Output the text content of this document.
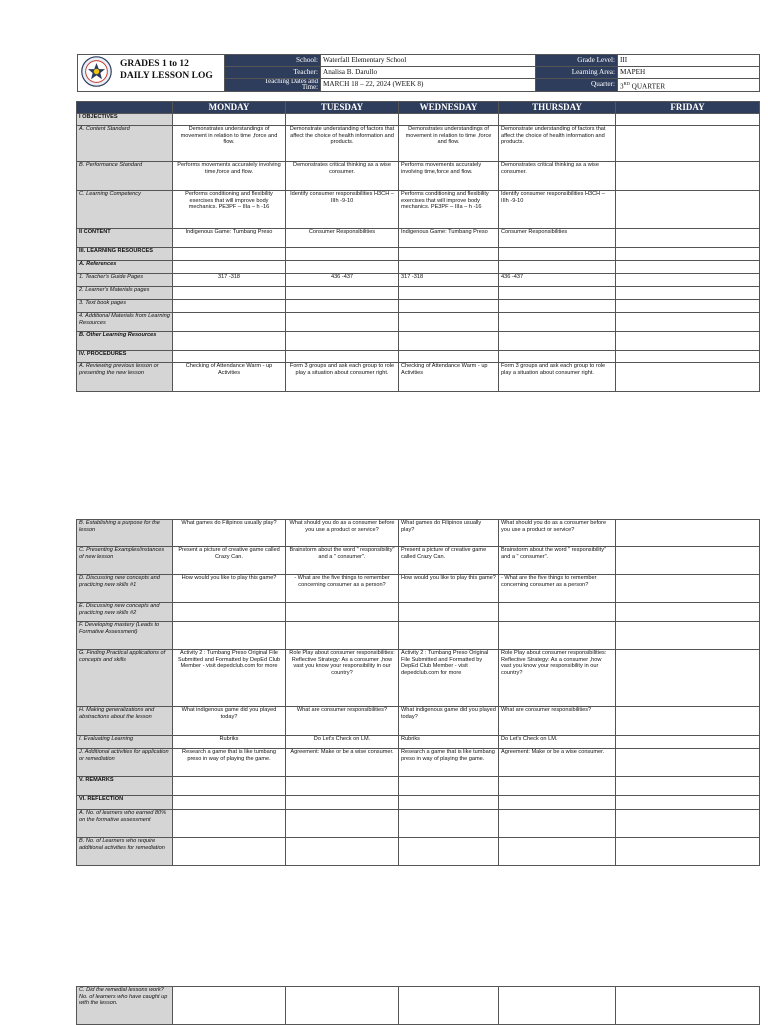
	School:	Waterfall Elementary School	Grade Level:	III
	Teacher:	Analisa B. Darullo	Learning Area:	MAPEH

	Teaching Dates and
Time:	MARCH 18 – 22, 2024 (WEEK 8)	Quarter:	3RD QUARTER
GRADES 1 to 12
DAILY LESSON LOG
	MONDAY	TUESDAY	WEDNESDAY	THURSDAY	FRIDAY
I OBJECTIVES					
A. Content Standard	Demonstrates understandings of movement in relation to time ,force and flow.	Demonstrate understanding of factors that affect the choice of health information and products.	Demonstrates understandings of movement in relation to time ,force and flow.	Demonstrate understanding of factors that affect the choice of health information and products.	
B. Performance Standard	Performs movements accurately involving time,force and flow.	Demonstrates critical thinking as a wise consumer.	Performs movements accurately involving time,force and flow.	Demonstrates critical thinking as a wise consumer.	
C. Learning Competency	Performs conditioning and flexibility exercises that will improve body mechanics. PE3PF – IIIa – h -16	Identify consumer responsibilities H3CH – IIIh -9-10	Performs conditioning and flexibility exercises that will improve body mechanics. PE3PF – IIIa – h -16	Identify consumer responsibilities H3CH – IIIh -9-10	
II CONTENT	Indigenous Game: Tumbang Preso	Consumer Responsibilities	Indigenous Game: Tumbang Preso	Consumer Responsibilities	
III. LEARNING RESOURCES					
A. References					
1. Teacher's Guide Pages	317 -318	436 -437	317 -318	436 -437	
2. Learner's Materials pages					
3. Text book pages					
4. Additional Materials from Learning Resources					
B. Other Learning Resources					
IV. PROCEDURES					
A. Reviewing previous lesson or presenting the new lesson	Checking of Attendance Warm - up Activities	Form 3 groups and ask each group to role play a situation about consumer right.	Checking of Attendance Warm - up Activities	Form 3 groups and ask each group to role play a situation about consumer right.	
B. Establishing a purpose for the lesson	What games do Filipinos usually play?	What should you do as a consumer before you use a product or service?	What games do Filipinos usually play?	What should you do as a consumer before you use a product or service?	
C. Presenting Examples/instances of new lesson	Present a picture of creative game called Crazy Can.	Brainstorm about the word " responsibility" and a " consumer".	Present a picture of creative game called Crazy Can.	Brainstorm about the word " responsibility" and a " consumer".	
D. Discussing new concepts and practicing new skills #1	How would you like to play this game?	- What are the five things to remember concerning consumer as a person?	How would you like to play this game?	- What are the five things to remember concerning consumer as a person?	
E. Discussing new concepts and practicing new skills #2					
F. Developing mastery (Leads to Formative Assessment)					
G. Finding Practical applications of concepts and skills	Activity 2 : Tumbang Preso Original File Submitted and Formatted by DepEd Club Member - visit depedclub.com for more	Role Play about consumer responsibilities: Reflective Strategy: As a consumer ,how vast you know your responsibility in our country?	Activity 2 : Tumbang Preso Original File Submitted and Formatted by DepEd Club Member - visit depedclub.com for more	Role Play about consumer responsibilities: Reflective Strategy: As a consumer ,how vast you know your responsibility in our country?	
H. Making generalizations and abstractions about the lesson	What indigenous game did you played today?	What are consumer responsibilities?	What indigenous game did you played today?	What are consumer responsibilities?	
I. Evaluating Learning	Rubriks	Do Let's Check on LM.	Rubriks	Do Let's Check on LM.	
J. Additional activities for application or remediation	Research a game that is like tumbang preso in way of playing the game.	Agreement: Make or be a wise consumer.	Research a game that is like tumbang preso in way of playing the game.	Agreement: Make or be a wise consumer.	
V. REMARKS					
VI. REFLECTION					
A. No. of learners who earned 80% on the formative assessment					
B. No. of Learners who require additional activities for remediation					
C. Did the remedial lessons work? No. of learners who have caught up with the lesson.					
